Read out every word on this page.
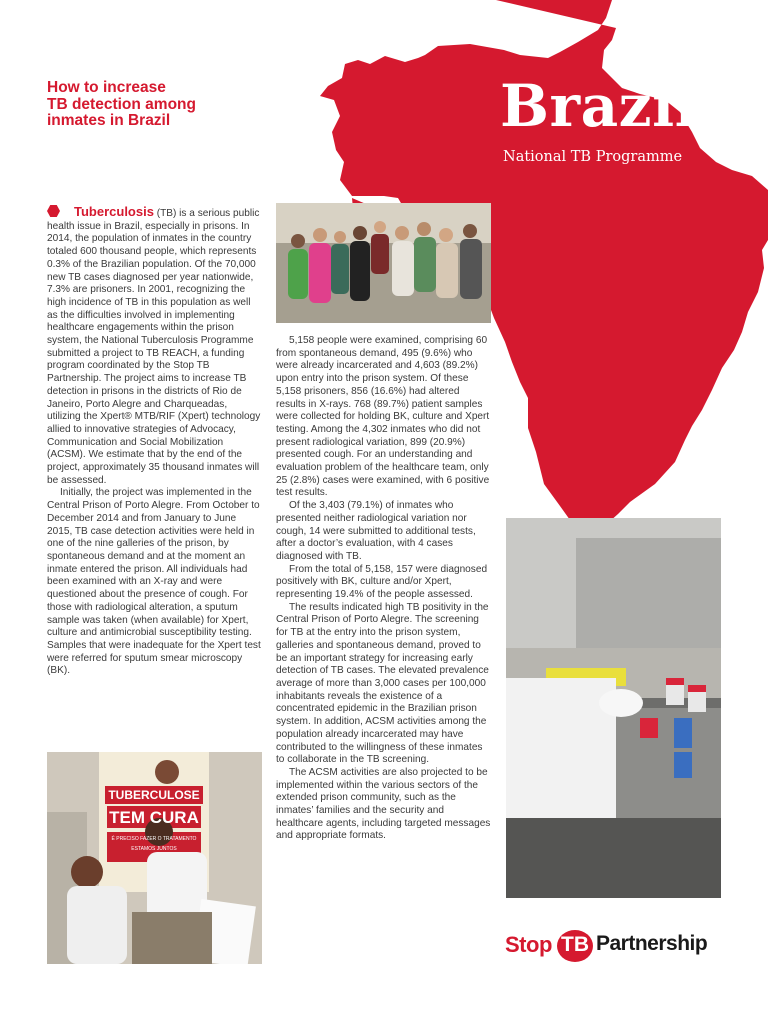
How to increase
TB detection among
inmates in Brazil	Brazil
National TB Programme

Tuberculosis (TB) is a serious public health issue in Brazil, especially in prisons. In 2014, the population of inmates in the country totaled 600 thousand people, which represents 0.3% of the Brazilian population. Of the 70,000 new TB cases diagnosed per year nationwide, 7.3% are prisoners. In 2001, recognizing the high incidence of TB in this population as well as the difficulties involved in implementing healthcare engagements within the prison system, the National Tuberculosis Programme submitted a project to TB REACH, a funding program coordinated by the Stop TB Partnership. The project aims to increase TB detection in prisons in the districts of Rio de Janeiro, Porto Alegre and Charqueadas, utilizing the Xpert® MTB/RIF (Xpert) technology allied to innovative strategies of Advocacy, Communication and Social Mobilization (ACSM). We estimate that by the end of the project, approximately 35 thousand inmates will be assessed.

Initially, the project was implemented in the Central Prison of Porto Alegre. From October to December 2014 and from January to June 2015, TB case detection activities were held in one of the nine galleries of the prison, by spontaneous demand and at the moment an inmate entered the prison. All individuals had been examined with an X-ray and were questioned about the presence of cough. For those with radiological alteration, a sputum sample was taken (when available) for Xpert, culture and antimicrobial susceptibility testing. Samples that were inadequate for the Xpert test were referred for sputum smear microscopy (BK).

5,158 people were examined, comprising 60 from spontaneous demand, 495 (9.6%) who were already incarcerated and 4,603 (89.2%) upon entry into the prison system. Of these 5,158 prisoners, 856 (16.6%) had altered results in X-rays. 768 (89.7%) patient samples were collected for holding BK, culture and Xpert testing. Among the 4,302 inmates who did not present radiological variation, 899 (20.9%) presented cough. For an understanding and evaluation problem of the healthcare team, only 25 (2.8%) cases were examined, with 6 positive test results.

Of the 3,403 (79.1%) of inmates who presented neither radiological variation nor cough, 14 were submitted to additional tests, after a doctor’s evaluation, with 4 cases diagnosed with TB.

From the total of 5,158, 157 were diagnosed positively with BK, culture and/or Xpert, representing 19.4% of the people assessed.

The results indicated high TB positivity in the Central Prison of Porto Alegre. The screening for TB at the entry into the prison system, galleries and spontaneous demand, proved to be an important strategy for increasing early detection of TB cases. The elevated prevalence average of more than 3,000 cases per 100,000 inhabitants reveals the existence of a concentrated epidemic in the Brazilian prison system. In addition, ACSM activities among the population already incarcerated may have contributed to the willingness of these inmates to collaborate in the TB screening.

The ACSM activities are also projected to be implemented within the various sectors of the extended prison community, such as the inmates’ families and the security and healthcare agents, including targeted messages and appropriate formats.

TUBERCULOSE
TEM CURA
É PRECISO FAZER O TRATAMENTO
ESTAMOS JUNTOS
Stop TB Partnership
